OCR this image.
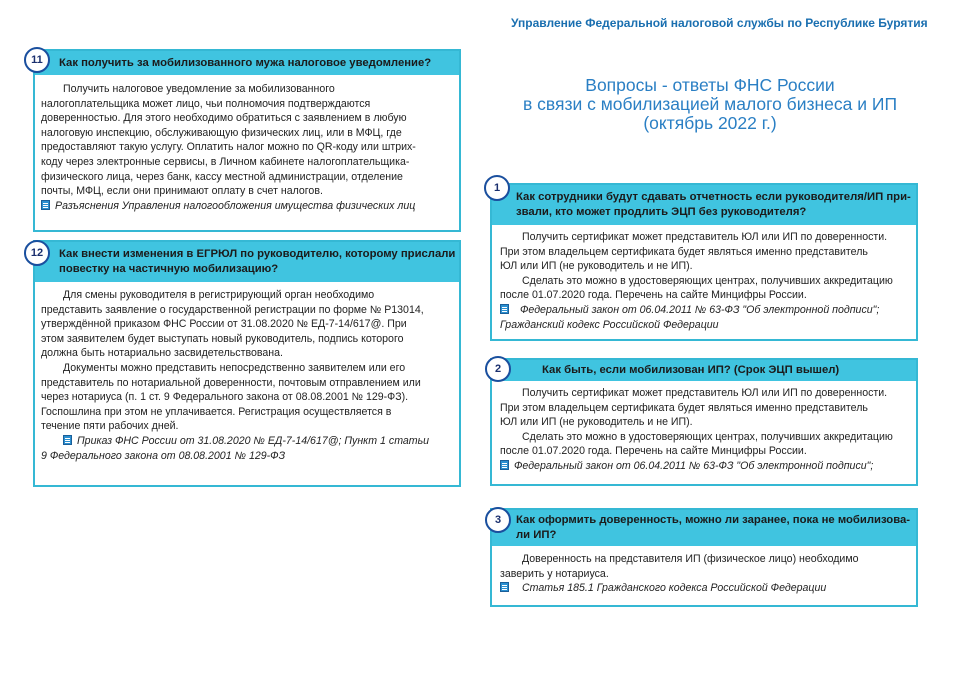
Управление Федеральной налоговой службы по Республике Бурятия
Вопросы - ответы ФНС России
в связи с мобилизацией малого бизнеса и ИП
(октябрь 2022 г.)
Как получить за мобилизованного мужа налоговое уведомление?

Получить налоговое уведомление за мобилизованного

налогоплательщика может лицо, чьи полномочия подтверждаются

доверенностью. Для этого необходимо обратиться с заявлением в любую

налоговую инспекцию, обслуживающую физических лиц, или в МФЦ, где

предоставляют такую услугу. Оплатить налог можно по QR-коду или штрих-

коду через электронные сервисы, в Личном кабинете налогоплательщика-

физического лица, через банк, кассу местной администрации, отделение

почты, МФЦ, если они принимают оплату в счет налогов.

Разъяснения Управления налогообложения имущества физических лиц

11
Как внести изменения в ЕГРЮЛ по руководителю, которому прислали
повестку на частичную мобилизацию?

Для смены руководителя в регистрирующий орган необходимо

представить заявление о государственной регистрации по форме № Р13014,

утверждённой приказом ФНС России от 31.08.2020 № ЕД-7-14/617@. При

этом заявителем будет выступать новый руководитель, подпись которого

должна быть нотариально засвидетельствована.

Документы можно представить непосредственно заявителем или его

представитель по нотариальной доверенности, почтовым отправлением или

через нотариуса (п. 1 ст. 9 Федерального закона от 08.08.2001 № 129-ФЗ).

Госпошлина при этом не уплачивается. Регистрация осуществляется в

течение пяти рабочих дней.

Приказ ФНС России от 31.08.2020 № ЕД-7-14/617@; Пункт 1 статьи

9 Федерального закона от 08.08.2001 № 129-ФЗ

12
Как сотрудники будут сдавать отчетность если руководителя/ИП при-
звали, кто может продлить ЭЦП без руководителя?

Получить сертификат может представитель ЮЛ или ИП по доверенности.

При этом владельцем сертификата будет являться именно представитель

ЮЛ или ИП (не руководитель и не ИП).

Сделать это можно в удостоверяющих центрах, получивших аккредитацию

после 01.07.2020 года. Перечень на сайте Минцифры России.

Федеральный закон от 06.04.2011 № 63-ФЗ "Об электронной подписи";

Гражданский кодекс Российской Федерации

1
Как быть, если мобилизован ИП? (Срок ЭЦП вышел)

Получить сертификат может представитель ЮЛ или ИП по доверенности.

При этом владельцем сертификата будет являться именно представитель

ЮЛ или ИП (не руководитель и не ИП).

Сделать это можно в удостоверяющих центрах, получивших аккредитацию

после 01.07.2020 года. Перечень на сайте Минцифры России.

Федеральный закон от 06.04.2011 № 63-ФЗ "Об электронной подписи";

2
Как оформить доверенность, можно ли заранее, пока не мобилизова-
ли ИП?

Доверенность на представителя ИП (физическое лицо) необходимо

заверить у нотариуса.

Статья 185.1 Гражданского кодекса Российской Федерации

3
